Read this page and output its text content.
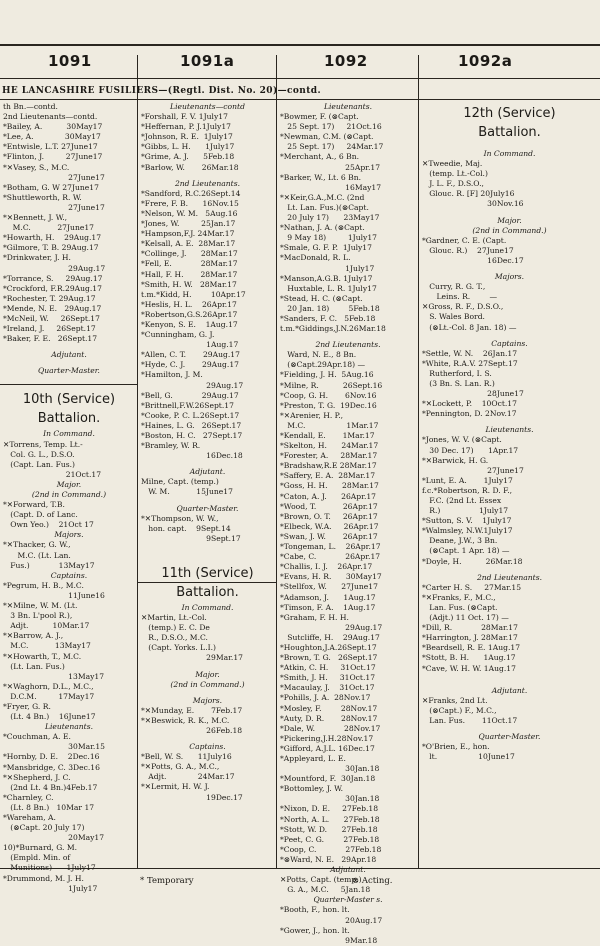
1091	1091a	1092	1092a
HE LANCASHIRE FUSILIERS—(Regtl. Dist. No. 20)—contd.
th Bn.—contd.
2nd Lieutenants—contd.
*Bailey, A.          30May17
*Lee, A.             30May17
*Entwisle, L.T. 27June17
*Flinton, J.         27June17
*✕Vasey, S., M.C.
27June17
*Botham, G. W 27June17
*Shuttleworth, R. W.
27June17
*✕Bennett, J. W.,
M.C.           27June17
*Howarth, H.    29Aug.17
*Gilmore, T. B. 29Aug.17
*Drinkwater, J. H.
29Aug.17
*Torrance, S.     29Aug.17
*Crockford, F.R.29Aug.17
*Rochester, T. 29Aug.17
*Mende, N. E.   29Aug.17
*McNeil, W.     26Sept.17
*Ireland, J.     26Sept.17
*Baker, F. E.   26Sept.17
Adjutant.
Quarter-Master.
10th (Service)
Battalion.
In Command.
✕Torrens, Temp. Lt.-
Col. G. L., D.S.O.
(Capt. Lan. Fus.)
21Oct.17
Major.
(2nd in Command.)
*✕Forward, T.B.
(Capt. D. of Lanc.
Own Yeo.)    21Oct 17
Majors.
*✕Thacker, G. W.,
M.C. (Lt. Lan.
Fus.)            13May17
Captains.
*Pegrum, H. B., M.C.
11June16
*✕Milne, W. M. (Lt.
3 Bn. L'pool R.),
Adjt.          10Mar.17
*✕Barrow, A. J.,
M.C.           13May17
*✕Howarth, T., M.C.
(Lt. Lan. Fus.)
13May17
*✕Waghorn, D.L., M.C.,
D.C.M.         17May17
*Fryer, G. R.
(Lt. 4 Bn.)    16June17
Lieutenants.
*Couchman, A. E.
30Mar.15
*Hornby, D. E.    2Dec.16
*Mansbridge, C. 3Dec.16
*✕Shepherd, J. C.
(2nd Lt. 4 Bn.)4Feb.17
*Charnley, C.
(Lt. 8 Bn.)   10Mar 17
*Wareham, A.
(⊗Capt. 20 July 17)
20May17
10)*Burnard, G. M.
(Empld. Min. of
Munitions)      1July17
*Drummond, M. J. H.
1July17
Lieutenants—contd
*Forshall, F. V. 1July17
*Heffernan, P. J.1July17
*Johnson, R. E.  1July17
*Gibbs, L. H.      1July17
*Grime, A. J.      5Feb.18
*Barlow, W.       26Mar.18
2nd Lieutenants.
*Sandford, R.C.26Sept.14
*Frere, F. B.      16Nov.15
*Nelson, W. M.   5Aug.16
*Jones, W.         25Jan.17
*Hampson,F.J. 24Mar.17
*Kelsall, A. E.  28Mar.17
*Collinge, J.      28Mar.17
*Fell, E.            28Mar.17
*Hall, F. H.       28Mar.17
*Smith, H. W.   28Mar.17
t.m.*Kidd, H.        10Apr.17
*Heslis, H. L.    26Apr.17
*Robertson,G.S.26Apr.17
*Kenyon, S. E.    1Aug.17
*Cunningham, G. J.
1Aug.17
*Allen, C. T.       29Aug.17
*Hyde, C. J.       29Aug.17
*Hamilton, J. M.
29Aug.17
*Bell, G.            29Aug.17
*Brittnell,F.W.26Sept.17
*Cooke, P. C. L.26Sept.17
*Haines, L. G.   26Sept.17
*Boston, H. C.   27Sept.17
*Bramley, W. R.
16Dec.18
Adjutant.
Milne, Capt. (temp.)
W. M.           15June17
Quarter-Master.
*✕Thompson, W. W.,
hon. capt.    9Sept.14
9Sept.17
11th (Service)
Battalion.
In Command.
✕Martin, Lt.-Col.
(temp.) E. C. De
R., D.S.O., M.C.
(Capt. Yorks. L.I.)
29Mar.17
Major.
(2nd in Command.)
Majors.
*✕Munday, E.       7Feb.17
*✕Beswick, R. K., M.C.
26Feb.18
Captains.
*Bell, W. S.      11July16
*✕Potts, G. A., M.C.,
Adjt.             24Mar.17
*✕Lermit, H. W. J.
19Dec.17
Lieutenants.
*Bowmer, F. (⊗Capt.
25 Sept. 17)     21Oct.16
*Newman, C.M. (⊗Capt.
25 Sept. 17)     24Mar.17
*Merchant, A., 6 Bn.
25Apr.17
*Barker, W., Lt. 6 Bn.
16May17
*✕Keir,G.A.,M.C. (2nd
Lt. Lan. Fus.)(⊗Capt.
20 July 17)      23May17
*Nathan, J. A. (⊗Capt.
9 May 18)         1July17
*Smale, G. F. P.  1July17
*MacDonald, R. L.
1July17
*Manson,A.G.B. 1July17
Huxtable, L. R. 1July17
*Stead, H. C. (⊗Capt.
20 Jan. 18)        5Feb.18
*Sanders, F. C.   5Feb.18
t.m.*Giddings,J.N.26Mar.18
2nd Lieutenants.
Ward, N. E., 8 Bn.
(⊗Capt.29Apr.18) —
*Fielding, J. H.  5Aug.16
*Milne, R.          26Sept.16
*Coop, G. H.       6Nov.16
*Preston, T. G.  19Dec.16
*✕Arenier, H. P.,
M.C.                 1Mar.17
*Kendall, E.       1Mar.17
*Skelton, H.      24Mar.17
*Forester, A.     28Mar.17
*Bradshaw,R.E 28Mar.17
*Saffery, E. A.  28Mar.17
*Goss, H. H.      28Mar.17
*Caton, A. J.      26Apr.17
*Wood, T.           26Apr.17
*Brown, O. T.     26Apr.17
*Elbeck, W.A.     26Apr.17
*Swan, J. W.       26Apr.17
*Tongeman, L.    26Apr.17
*Cabe, C.            26Apr.17
*Challis, I. J.    26Apr.17
*Evans, H. R.      30May17
*Stellfox, W.      27June17
*Adamson, J.      1Aug.17
*Timson, F. A.    1Aug.17
*Graham, F. H. H.
29Aug.17
Sutcliffe, H.    29Aug.17
*Houghton,J.A.26Sept.17
*Brown, T. G.   26Sept.17
*Atkin, C. H.     31Oct.17
*Smith, J. H.     31Oct.17
*Macaulay, J.    31Oct.17
*Pohills, J. A.  28Nov.17
*Mosley, F.        28Nov.17
*Auty, D. R.       28Nov.17
*Dale, W.            28Nov.17
*Pickering,J.H.28Nov.17
*Gifford, A.J.L. 16Dec.17
*Appleyard, L. E.
30Jan.18
*Mountford, F.  30Jan.18
*Bottomley, J. W.
30Jan.18
*Nixon, D. E.     27Feb.18
*North, A. L.      27Feb.18
*Stott, W. D.      27Feb.18
*Peet, C. G.        27Feb.18
*Coop, C.            27Feb.18
*⊗Ward, N. E.   29Apr.18
Adjutant.
✕Potts, Capt. (temp.)
G. A., M.C.     5Jan.18
Quarter-Master s.
*Booth, F., hon. lt.
20Aug.17
*Gower, J., hon. lt.
9Mar.18
12th (Service)
Battalion.
In Command.
✕Tweedie, Maj.
(temp. Lt.-Col.)
J. L. F., D.S.O.,
Glouc. R. [F] 20July16
30Nov.16
Major.
(2nd in Command.)
*Gardner, C. E. (Capt.
Glouc. R.)    27June17
16Dec.17
Majors.
Curry, R. G. T.,
Leins. R.        —
✕Gross, R. F., D.S.O.,
S. Wales Bord.
(⊗Lt.-Col. 8 Jan. 18) —
Captains.
*Settle, W. N.    26Jan.17
*White, R.A.V. 27Sept.17
Rutherford, I. S.
(3 Bn. S. Lan. R.)
28June17
*✕Lockett, P.    10Oct.17
*Pennington, D. 2Nov.17
Lieutenants.
*Jones, W. V. (⊗Capt.
30 Dec. 17)      1Apr.17
*✕Barwick, H. G.
27June17
*Lunt, E. A.       1July17
f.c.*Robertson, R. D. F.,
F.C. (2nd Lt. Essex
R.)                1July17
*Sutton, S. V.    1July17
*Walmsley, N.W.1July17
Deane, J.W., 3 Bn.
(⊗Capt. 1 Apr. 18) —
*Doyle, H.          26Mar.18
2nd Lieutenants.
*Carter H. S.     27Mar.15
*✕Franks, F., M.C.,
Lan. Fus. (⊗Capt.
(Adjt.) 11 Oct. 17) —
*Dill, R.            28Mar.17
*Harrington, J. 28Mar.17
*Beardsell, R. E. 1Aug.17
*Stott, B. H.      1Aug.17
*Cave, W. H. W. 1Aug.17
Adjutant.
✕Franks, 2nd Lt.
(⊗Capt.) F., M.C.,
Lan. Fus.       11Oct.17
Quarter-Master.
*O'Brien, E., hon.
lt.                 10June17
* Temporary	⊗ Acting.
